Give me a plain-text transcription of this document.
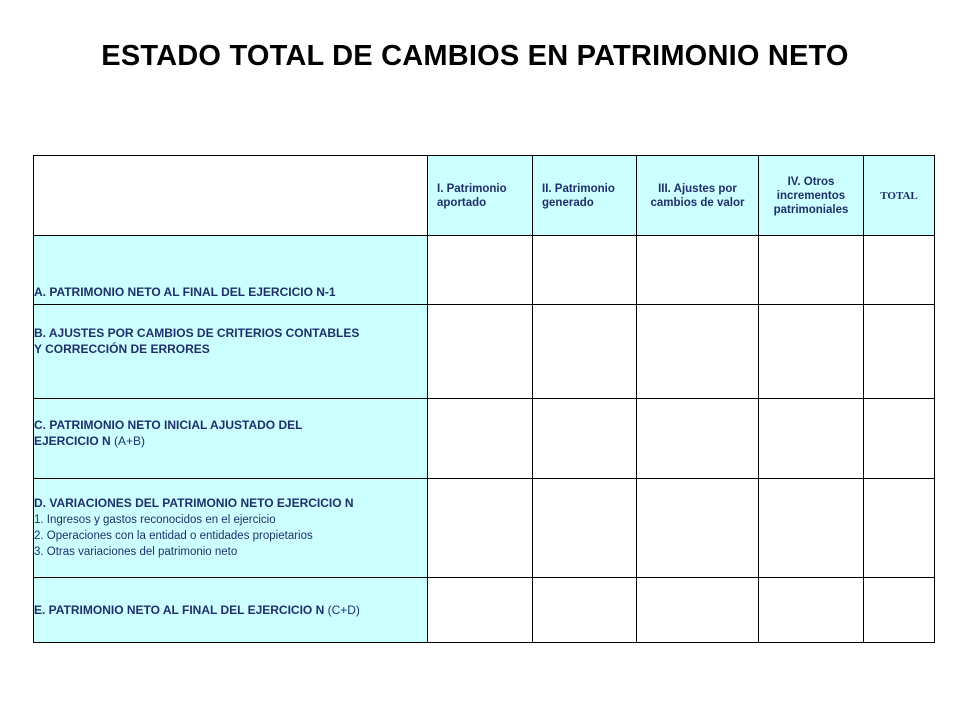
ESTADO TOTAL DE CAMBIOS EN PATRIMONIO NETO
	I. Patrimonio aportado	II. Patrimonio generado	III. Ajustes por cambios de valor	IV. Otros incrementos patrimoniales	TOTAL
A. PATRIMONIO NETO AL FINAL DEL EJERCICIO N-1					
B. AJUSTES POR CAMBIOS DE CRITERIOS CONTABLES
Y CORRECCIÓN DE ERRORES					
C. PATRIMONIO NETO INICIAL AJUSTADO DEL
EJERCICIO N (A+B)					
D. VARIACIONES DEL PATRIMONIO NETO EJERCICIO N
1. Ingresos y gastos reconocidos en el ejercicio
2. Operaciones con la entidad o entidades propietarios
3. Otras variaciones del patrimonio neto					
E. PATRIMONIO NETO AL FINAL DEL EJERCICIO N (C+D)					
